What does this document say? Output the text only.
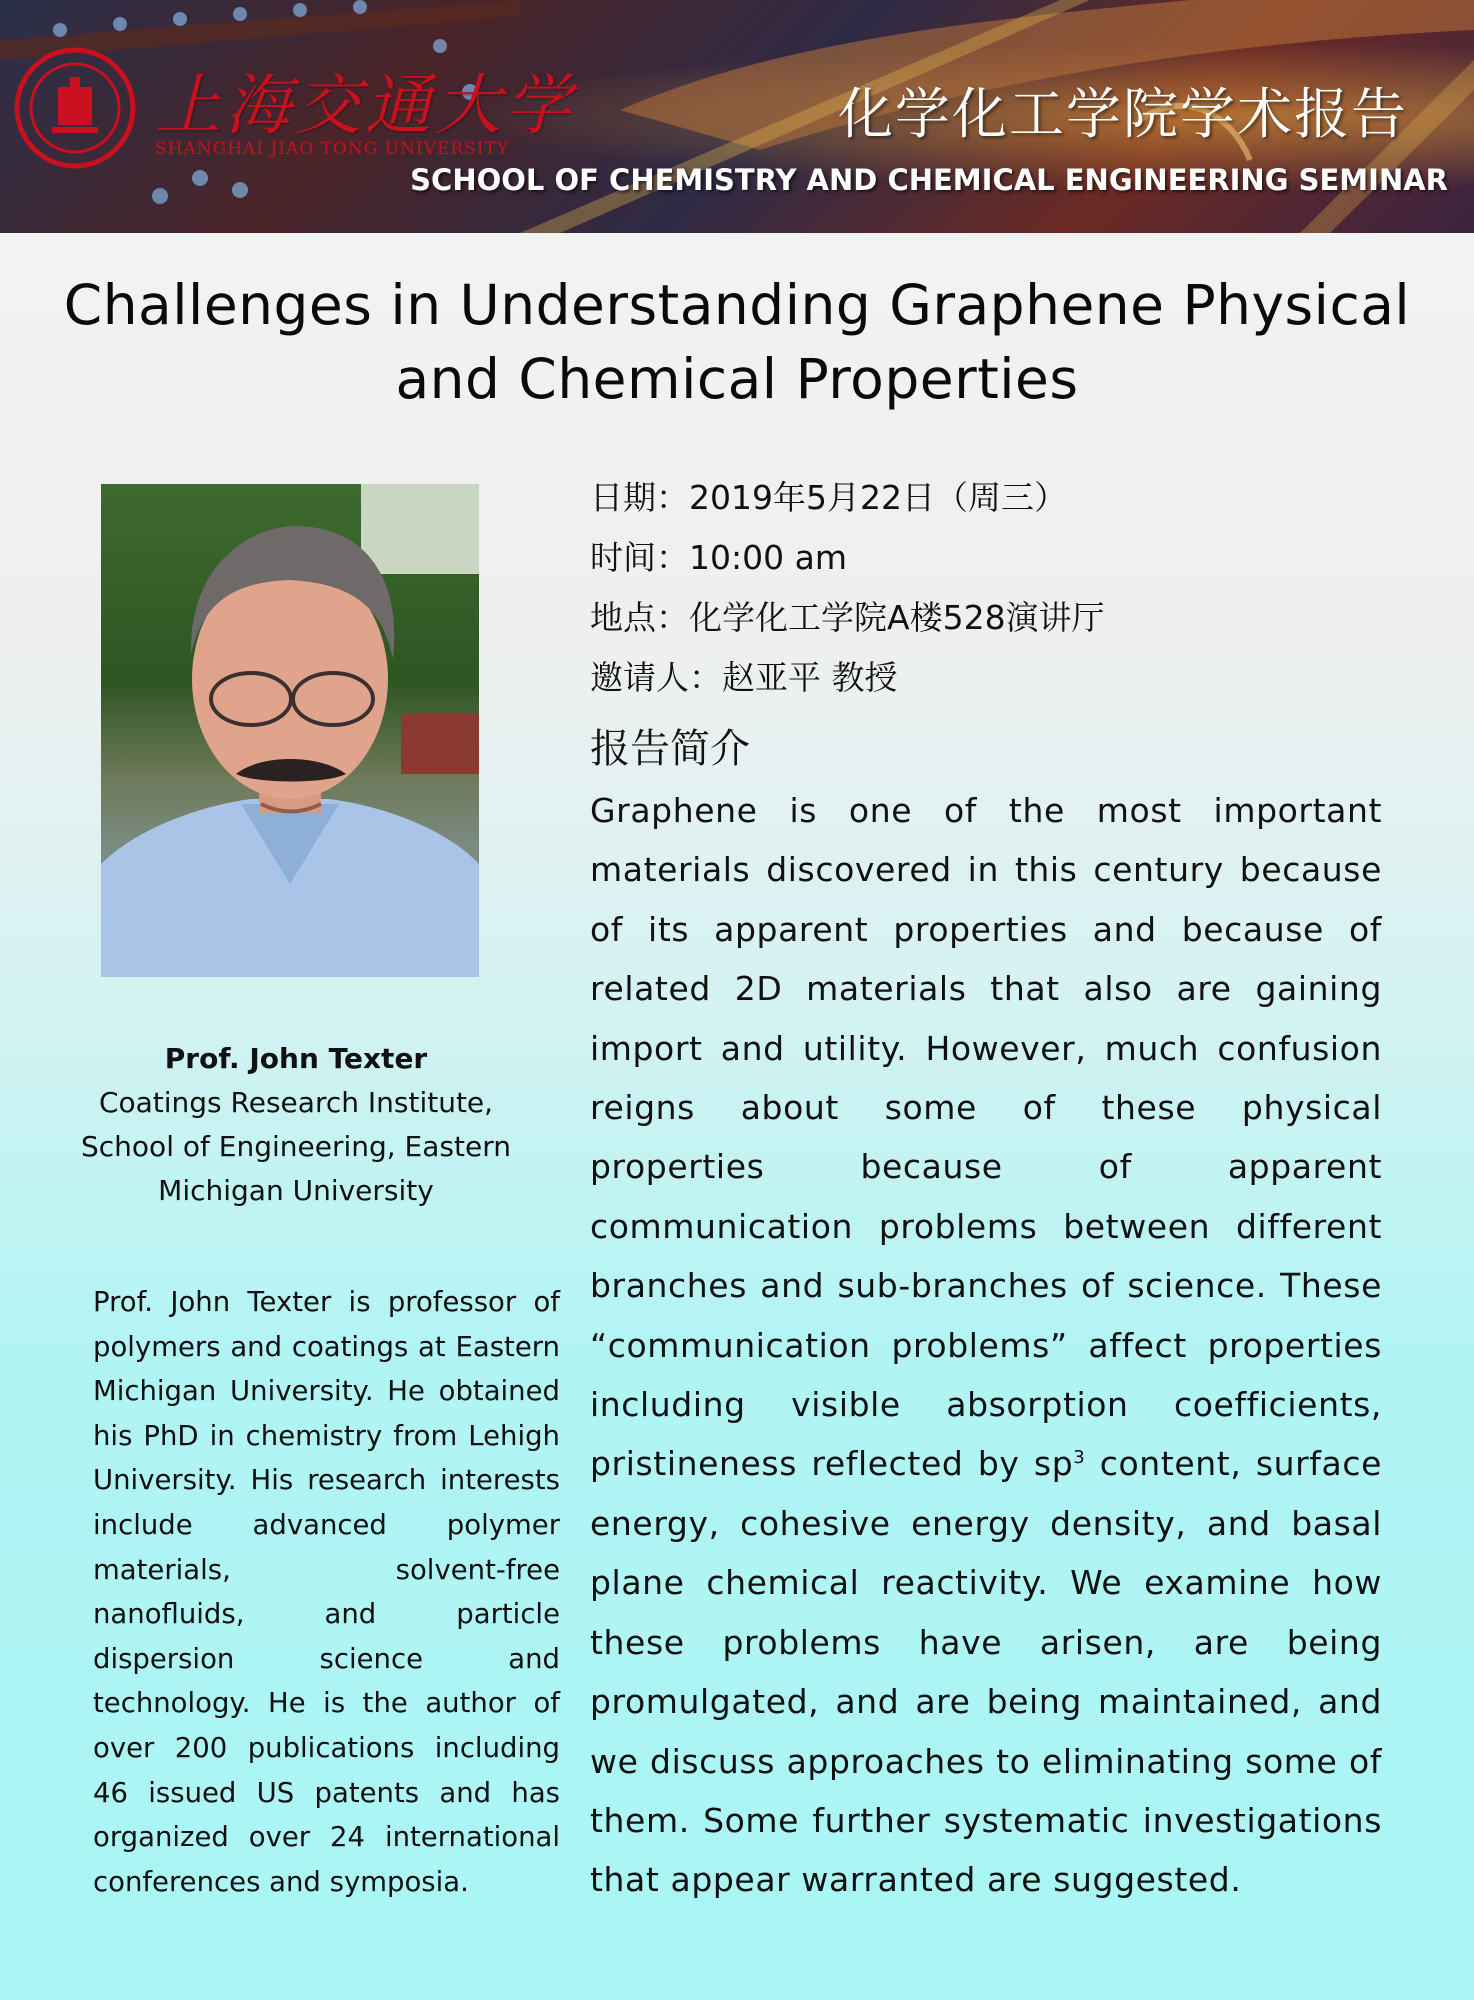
上海交通大学
SHANGHAI JIAO TONG UNIVERSITY
化学化工学院学术报告
SCHOOL OF CHEMISTRY AND CHEMICAL ENGINEERING SEMINAR
Challenges in Understanding Graphene Physical and Chemical Properties
Prof. John Texter
Coatings Research Institute,
School of Engineering, Eastern
Michigan University

Prof. John Texter is professor of polymers and coatings at Eastern Michigan University. He obtained his PhD in chemistry from Lehigh University. His research interests include advanced polymer materials, solvent-free nanofluids, and particle dispersion science and technology. He is the author of over 200 publications including 46 issued US patents and has organized over 24 international conferences and symposia.

日期：2019年5月22日（周三）
时间：10:00 am
地点：化学化工学院A楼528演讲厅
邀请人：赵亚平 教授
报告简介

Graphene is one of the most important materials discovered in this century because of its apparent properties and because of related 2D materials that also are gaining import and utility. However, much confusion reigns about some of these physical properties because of apparent communication problems between different branches and sub-branches of science. These “communication problems” affect properties including visible absorption coefficients, pristineness reflected by $sp^3$ content, surface energy, cohesive energy density, and basal plane chemical reactivity. We examine how these problems have arisen, are being promulgated, and are being maintained, and we discuss approaches to eliminating some of them. Some further systematic investigations that appear warranted are suggested.
